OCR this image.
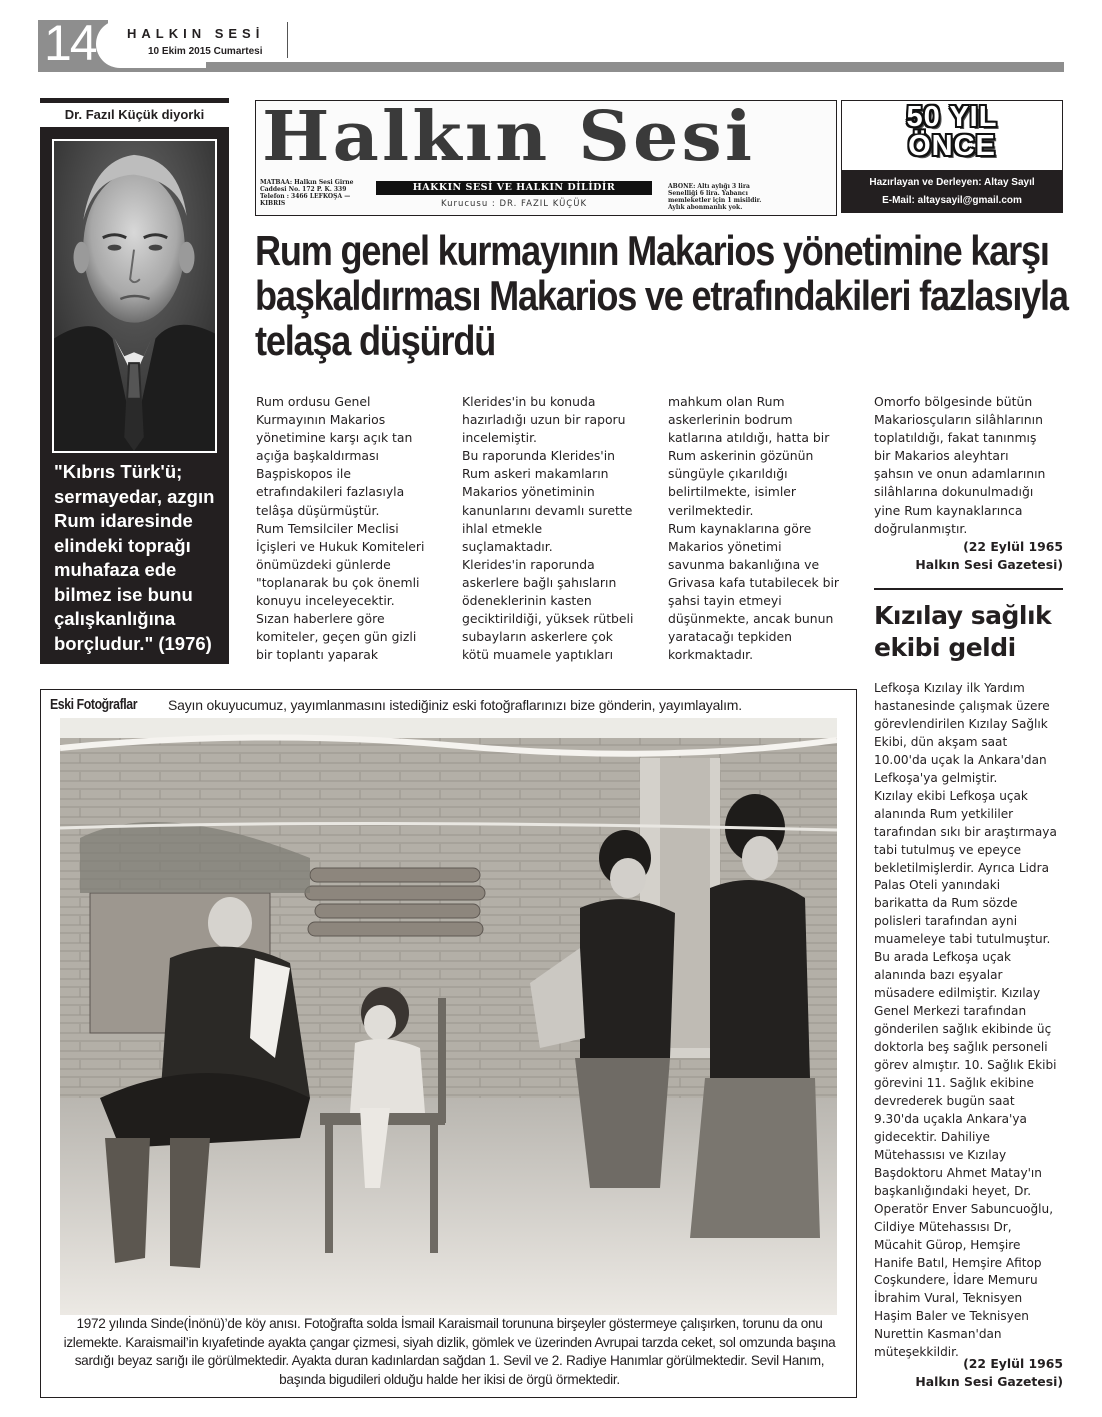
14 HALKIN SESİ
10 Ekim 2015 Cumartesi
Dr. Fazıl Küçük diyorki
"Kıbrıs Türk'ü; sermayedar, azgın Rum idaresinde elindeki toprağı muhafaza ede bilmez ise bunu çalışkanlığına borçludur." (1976)
Halkın Sesi
MATBAA: Halkın Sesi Girne Caddesi No. 172 P. K. 339 Telefon : 3466 LEFKOŞA — KIBRIS
HAKKIN SESİ VE HALKIN DİLİDİR
Kurucusu : DR. FAZIL KÜÇÜK
ABONE: Altı aylığı 3 lira Senelliği 6 lira. Yabancı memleketler için 1 misildir. Aylık abonmanlık yok.
50 YIL
ÖNCE
Hazırlayan ve Derleyen: Altay Sayıl
E-Mail: altaysayil@gmail.com
Rum genel kurmayının Makarios yönetimine karşı başkaldırması Makarios ve etrafındakileri fazlasıyla telaşa düşürdü
Rum ordusu Genel
Kurmayının Makarios
yönetimine karşı açık tan
açığa başkaldırması
Başpiskopos ile
etrafındakileri fazlasıyla
telâşa düşürmüştür.
Rum Temsilciler Meclisi
İçişleri ve Hukuk Komiteleri
önümüzdeki günlerde
"toplanarak bu çok önemli
konuyu inceleyecektir.
Sızan haberlere göre
komiteler, geçen gün gizli
bir toplantı yaparak
Klerides'in bu konuda
hazırladığı uzun bir raporu
incelemiştir.
Bu raporunda Klerides'in
Rum askeri makamların
Makarios yönetiminin
kanunlarını devamlı surette
ihlal etmekle
suçlamaktadır.
Klerides'in raporunda
askerlere bağlı şahısların
ödeneklerinin kasten
geciktirildiği, yüksek rütbeli
subayların askerlere çok
kötü muamele yaptıkları
mahkum olan Rum
askerlerinin bodrum
katlarına atıldığı, hatta bir
Rum askerinin gözünün
süngüyle çıkarıldığı
belirtilmekte, isimler
verilmektedir.
Rum kaynaklarına göre
Makarios yönetimi
savunma bakanlığına ve
Grivasa kafa tutabilecek bir
şahsi tayin etmeyi
düşünmekte, ancak bunun
yaratacağı tepkiden
korkmaktadır.
Omorfo bölgesinde bütün
Makariosçuların silâhlarının
toplatıldığı, fakat tanınmış
bir Makarios aleyhtarı
şahsın ve onun adamlarının
silâhlarına dokunulmadığı
yine Rum kaynaklarınca
doğrulanmıştır.
(22 Eylül 1965
Halkın Sesi Gazetesi)
Kızılay sağlık ekibi geldi
Lefkoşa Kızılay ilk Yardım
hastanesinde çalışmak üzere
görevlendirilen Kızılay Sağlık
Ekibi, dün akşam saat
10.00'da uçak la Ankara'dan
Lefkoşa'ya gelmiştir.
Kızılay ekibi Lefkoşa uçak
alanında Rum yetkililer
tarafından sıkı bir araştırmaya
tabi tutulmuş ve epeyce
bekletilmişlerdir. Ayrıca Lidra
Palas Oteli yanındaki
barikatta da Rum sözde
polisleri tarafından ayni
muameleye tabi tutulmuştur.
Bu arada Lefkoşa uçak
alanında bazı eşyalar
müsadere edilmiştir. Kızılay
Genel Merkezi tarafından
gönderilen sağlık ekibinde üç
doktorla beş sağlık personeli
görev almıştır. 10. Sağlık Ekibi
görevini 11. Sağlık ekibine
devrederek bugün saat
9.30'da uçakla Ankara'ya
gidecektir. Dahiliye
Mütehassısı ve Kızılay
Başdoktoru Ahmet Matay'ın
başkanlığındaki heyet, Dr.
Operatör Enver Sabuncuoğlu,
Cildiye Mütehassısı Dr,
Mücahit Gürop, Hemşire
Hanife Batıl, Hemşire Afitop
Coşkundere, İdare Memuru
İbrahim Vural, Teknisyen
Haşim Baler ve Teknisyen
Nurettin Kasman'dan
müteşekkildir.
(22 Eylül 1965
Halkın Sesi Gazetesi)
Eski Fotoğraflar Sayın okuyucumuz, yayımlanmasını istediğiniz eski fotoğraflarınızı bize gönderin, yayımlayalım.
1972 yılında Sinde(İnönü)’de köy anısı. Fotoğrafta solda İsmail Karaismail torununa birşeyler göstermeye çalışırken, torunu da onu izlemekte. Karaismail’in kıyafetinde ayakta çangar çizmesi, siyah dizlik, gömlek ve üzerinden Avrupai tarzda ceket, sol omzunda başına sardığı beyaz sarığı ile görülmektedir. Ayakta duran kadınlardan sağdan 1. Sevil ve 2. Radiye Hanımlar görülmektedir. Sevil Hanım, başında bigudileri olduğu halde her ikisi de örgü örmektedir.
